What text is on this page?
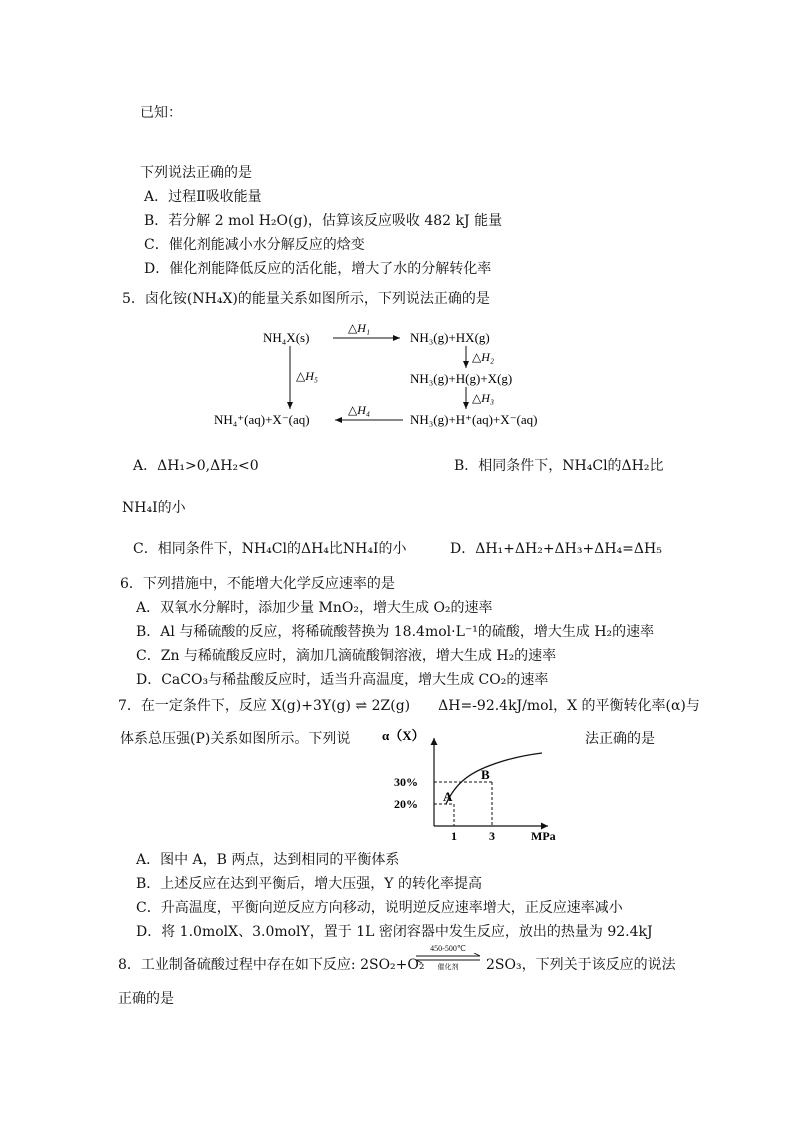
已知：
下列说法正确的是
A．过程Ⅱ吸收能量
B．若分解 2 mol H₂O(g)，估算该反应吸收 482 kJ 能量
C．催化剂能减小水分解反应的焓变
D．催化剂能降低反应的活化能，增大了水的分解转化率
5．卤化铵(NH₄X)的能量关系如图所示，下列说法正确的是
NH₄X(s)	NH₃(g)+HX(g)
NH₃(g)+H(g)+X(g)
NH₃(g)+H⁺(aq)+X⁻(aq)
NH₄⁺(aq)+X⁻(aq)
△H₁
△H₂
△H₃
△H₄
△H₅
A．ΔH₁>0,ΔH₂<0	B．相同条件下，NH₄Cl的ΔH₂比
NH₄I的小
C．相同条件下，NH₄Cl的ΔH₄比NH₄I的小	D．ΔH₁+ΔH₂+ΔH₃+ΔH₄=ΔH₅
6．下列措施中，不能增大化学反应速率的是
A．双氧水分解时，添加少量 MnO₂，增大生成 O₂的速率
B．Al 与稀硫酸的反应，将稀硫酸替换为 18.4mol·L⁻¹的硫酸，增大生成 H₂的速率
C．Zn 与稀硫酸反应时，滴加几滴硫酸铜溶液，增大生成 H₂的速率
D．CaCO₃与稀盐酸反应时，适当升高温度，增大生成 CO₂的速率
7．在一定条件下，反应 X(g)+3Y(g) ⇌ 2Z(g)　　ΔH=-92.4kJ/mol，X 的平衡转化率(α)与
体系总压强(P)关系如图所示。下列说	法正确的是
α（X）
MPa
A
1
20%
B
3
30%
A．图中 A，B 两点，达到相同的平衡体系
B．上述反应在达到平衡后，增大压强，Y 的转化率提高
C．升高温度，平衡向逆反应方向移动，说明逆反应速率增大，正反应速率减小
D．将 1.0molX、3.0molY，置于 1L 密闭容器中发生反应，放出的热量为 92.4kJ
8．工业制备硫酸过程中存在如下反应: 2SO₂+O₂
450-500℃
催化剂	2SO₃，下列关于该反应的说法
正确的是
